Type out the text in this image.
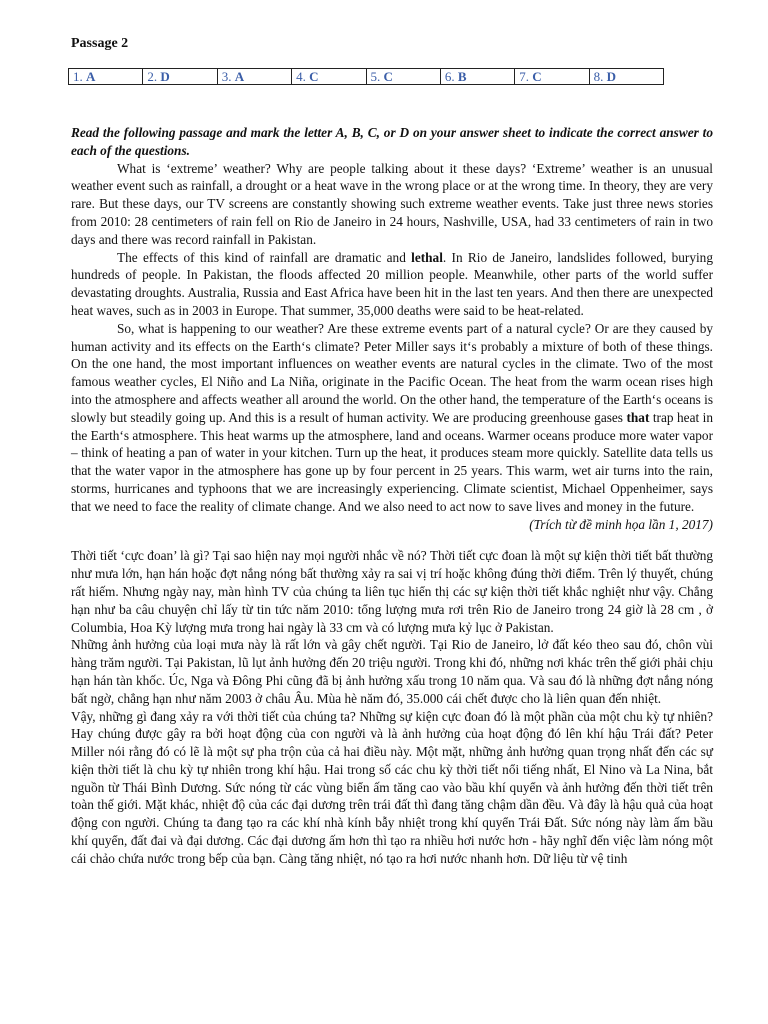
Passage 2
1. A	2. D	3. A	4. C	5. C	6. B	7. C	8. D

Read the following passage and mark the letter A, B, C, or D on your answer sheet to indicate the correct answer to each of the questions.

What is ‘extreme’ weather? Why are people talking about it these days? ‘Extreme’ weather is an unusual weather event such as rainfall, a drought or a heat wave in the wrong place or at the wrong time. In theory, they are very rare. But these days, our TV screens are constantly showing such extreme weather events. Take just three news stories from 2010: 28 centimeters of rain fell on Rio de Janeiro in 24 hours, Nashville, USA, had 33 centimeters of rain in two days and there was record rainfall in Pakistan.

The effects of this kind of rainfall are dramatic and lethal. In Rio de Janeiro, landslides followed, burying hundreds of people. In Pakistan, the floods affected 20 million people. Meanwhile, other parts of the world suffer devastating droughts. Australia, Russia and East Africa have been hit in the last ten years. And then there are unexpected heat waves, such as in 2003 in Europe. That summer, 35,000 deaths were said to be heat-related.

So, what is happening to our weather? Are these extreme events part of a natural cycle? Or are they caused by human activity and its effects on the Earth‘s climate? Peter Miller says it‘s probably a mixture of both of these things. On the one hand, the most important influences on weather events are natural cycles in the climate. Two of the most famous weather cycles, El Niño and La Niña, originate in the Pacific Ocean. The heat from the warm ocean rises high into the atmosphere and affects weather all around the world. On the other hand, the temperature of the Earth‘s oceans is slowly but steadily going up. And this is a result of human activity. We are producing greenhouse gases that trap heat in the Earth‘s atmosphere. This heat warms up the atmosphere, land and oceans. Warmer oceans produce more water vapor – think of heating a pan of water in your kitchen. Turn up the heat, it produces steam more quickly. Satellite data tells us that the water vapor in the atmosphere has gone up by four percent in 25 years. This warm, wet air turns into the rain, storms, hurricanes and typhoons that we are increasingly experiencing. Climate scientist, Michael Oppenheimer, says that we need to face the reality of climate change. And we also need to act now to save lives and money in the future.

(Trích từ đề minh họa lần 1, 2017)

Thời tiết ‘cực đoan’ là gì? Tại sao hiện nay mọi người nhắc về nó? Thời tiết cực đoan là một sự kiện thời tiết bất thường như mưa lớn, hạn hán hoặc đợt nắng nóng bất thường xảy ra sai vị trí hoặc không đúng thời điểm. Trên lý thuyết, chúng rất hiếm. Nhưng ngày nay, màn hình TV của chúng ta liên tục hiển thị các sự kiện thời tiết khắc nghiệt như vậy. Chẳng hạn như ba câu chuyện chỉ lấy từ tin tức năm 2010: tổng lượng mưa rơi trên Rio de Janeiro trong 24 giờ là 28 cm , ở Columbia, Hoa Kỳ lượng mưa trong hai ngày là 33 cm và có lượng mưa kỷ lục ở Pakistan.

Những ảnh hưởng của loại mưa này là rất lớn và gây chết người. Tại Rio de Janeiro, lở đất kéo theo sau đó, chôn vùi hàng trăm người. Tại Pakistan, lũ lụt ảnh hưởng đến 20 triệu người. Trong khi đó, những nơi khác trên thế giới phải chịu hạn hán tàn khốc. Úc, Nga và Đông Phi cũng đã bị ảnh hưởng xấu trong 10 năm qua. Và sau đó là những đợt nắng nóng bất ngờ, chẳng hạn như năm 2003 ở châu Âu. Mùa hè năm đó, 35.000 cái chết được cho là liên quan đến nhiệt.

Vậy, những gì đang xảy ra với thời tiết của chúng ta? Những sự kiện cực đoan đó là một phần của một chu kỳ tự nhiên? Hay chúng được gây ra bởi hoạt động của con người và là ảnh hưởng của hoạt động đó lên khí hậu Trái đất? Peter Miller nói rằng đó có lẽ là một sự pha trộn của cả hai điều này. Một mặt, những ảnh hưởng quan trọng nhất đến các sự kiện thời tiết là chu kỳ tự nhiên trong khí hậu. Hai trong số các chu kỳ thời tiết nổi tiếng nhất, El Nino và La Nina, bắt nguồn từ Thái Bình Dương. Sức nóng từ các vùng biển ấm tăng cao vào bầu khí quyển và ảnh hưởng đến thời tiết trên toàn thế giới. Mặt khác, nhiệt độ của các đại dương trên trái đất thì đang tăng chậm dần đều. Và đây là hậu quả của hoạt động con người. Chúng ta đang tạo ra các khí nhà kính bẫy nhiệt trong khí quyển Trái Đất. Sức nóng này làm ấm bầu khí quyển, đất đai và đại dương. Các đại dương ấm hơn thì tạo ra nhiều hơi nước hơn - hãy nghĩ đến việc làm nóng một cái chảo chứa nước trong bếp của bạn. Càng tăng nhiệt, nó tạo ra hơi nước nhanh hơn. Dữ liệu từ vệ tinh
